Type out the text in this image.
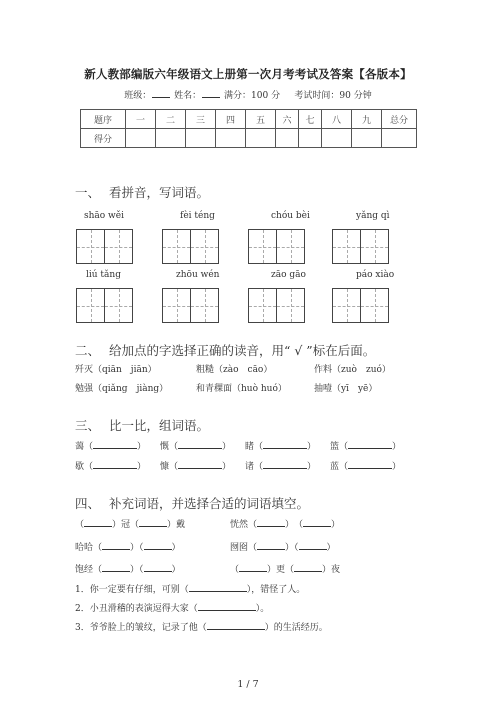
新人教部编版六年级语文上册第一次月考考试及答案【各版本】
班级：	姓名：	满分：100 分 考试时间：90 分钟
题序	一	二	三	四	五	六	七	八	九	总分
得分										
一、 看拼音，写词语。
shāo wěi	fèi téng	chóu bèi	yǎng qì
liú tǎng	zhōu wén	zāo gāo	páo xiào
二、 给加点的字选择正确的读音，用“ √ ”标在后面。
歼灭（qiān　jiān）	粗糙（zào　cāo）	作料（zuò　zuó）
勉强（qiǎng　jiàng）	和青稞面（huò huó）	抽噎（yī　yē）
三、 比一比，组词语。
蔼（	） 慨（	） 睹（	） 篮（	）
歇（	） 慷（	） 诸（	） 蓝（	）
四、 补充词语，并选择合适的词语填空。
（	）冠（	）戴	恍然（	）　（	）
哈哈（	）（	）	囫囵（	）（	）
饱经（	）（	）	（	）更（	）夜
1．你一定要有仔细，可别（	），错怪了人。
2．小丑滑稽的表演逗得大家（	）。
3．爷爷脸上的皱纹，记录了他（	）的生活经历。
1 / 7
